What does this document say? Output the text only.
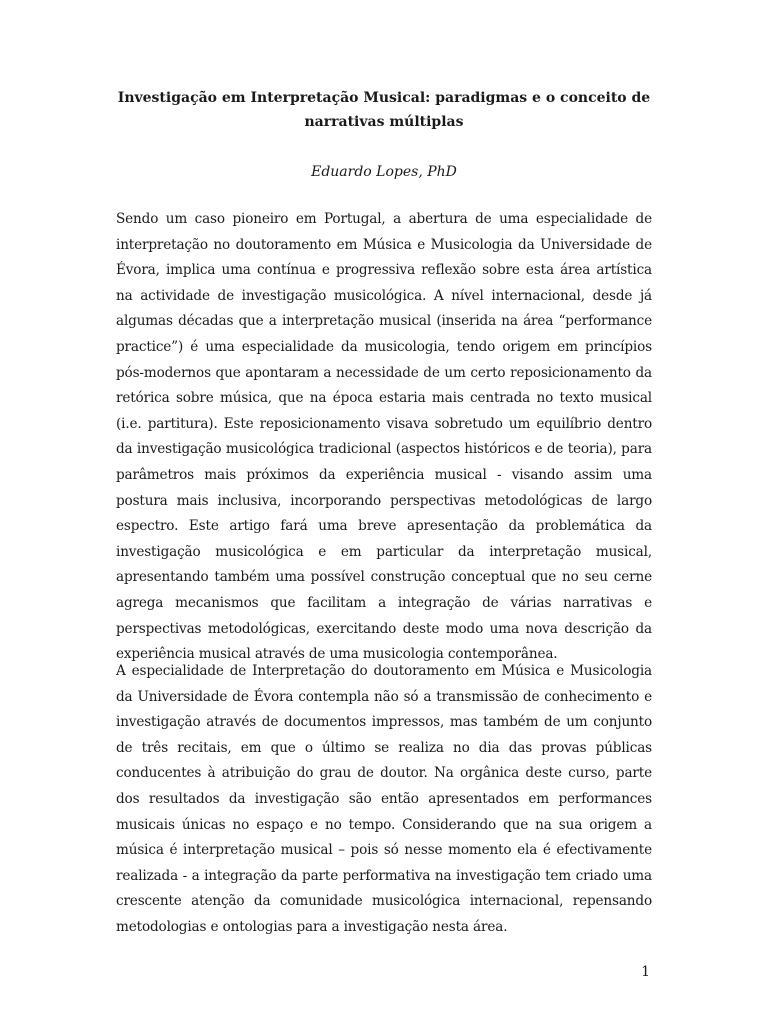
Investigação em Interpretação Musical: paradigmas e o conceito de narrativas múltiplas
Eduardo Lopes, PhD

Sendo um caso pioneiro em Portugal, a abertura de uma especialidade de interpretação no doutoramento em Música e Musicologia da Universidade de Évora, implica uma contínua e progressiva reflexão sobre esta área artística na actividade de investigação musicológica. A nível internacional, desde já algumas décadas que a interpretação musical (inserida na área “performance practice”) é uma especialidade da musicologia, tendo origem em princípios pós-modernos que apontaram a necessidade de um certo reposicionamento da retórica sobre música, que na época estaria mais centrada no texto musical (i.e. partitura). Este reposicionamento visava sobretudo um equilíbrio dentro da investigação musicológica tradicional (aspectos históricos e de teoria), para parâmetros mais próximos da experiência musical - visando assim uma postura mais inclusiva, incorporando perspectivas metodológicas de largo espectro. Este artigo fará uma breve apresentação da problemática da investigação musicológica e em particular da interpretação musical, apresentando também uma possível construção conceptual que no seu cerne agrega mecanismos que facilitam a integração de várias narrativas e perspectivas metodológicas, exercitando deste modo uma nova descrição da experiência musical através de uma musicologia contemporânea.

A especialidade de Interpretação do doutoramento em Música e Musicologia da Universidade de Évora contempla não só a transmissão de conhecimento e investigação através de documentos impressos, mas também de um conjunto de três recitais, em que o último se realiza no dia das provas públicas conducentes à atribuição do grau de doutor. Na orgânica deste curso, parte dos resultados da investigação são então apresentados em performances musicais únicas no espaço e no tempo. Considerando que na sua origem a música é interpretação musical – pois só nesse momento ela é efectivamente realizada - a integração da parte performativa na investigação tem criado uma crescente atenção da comunidade musicológica internacional, repensando metodologias e ontologias para a investigação nesta área.

1
